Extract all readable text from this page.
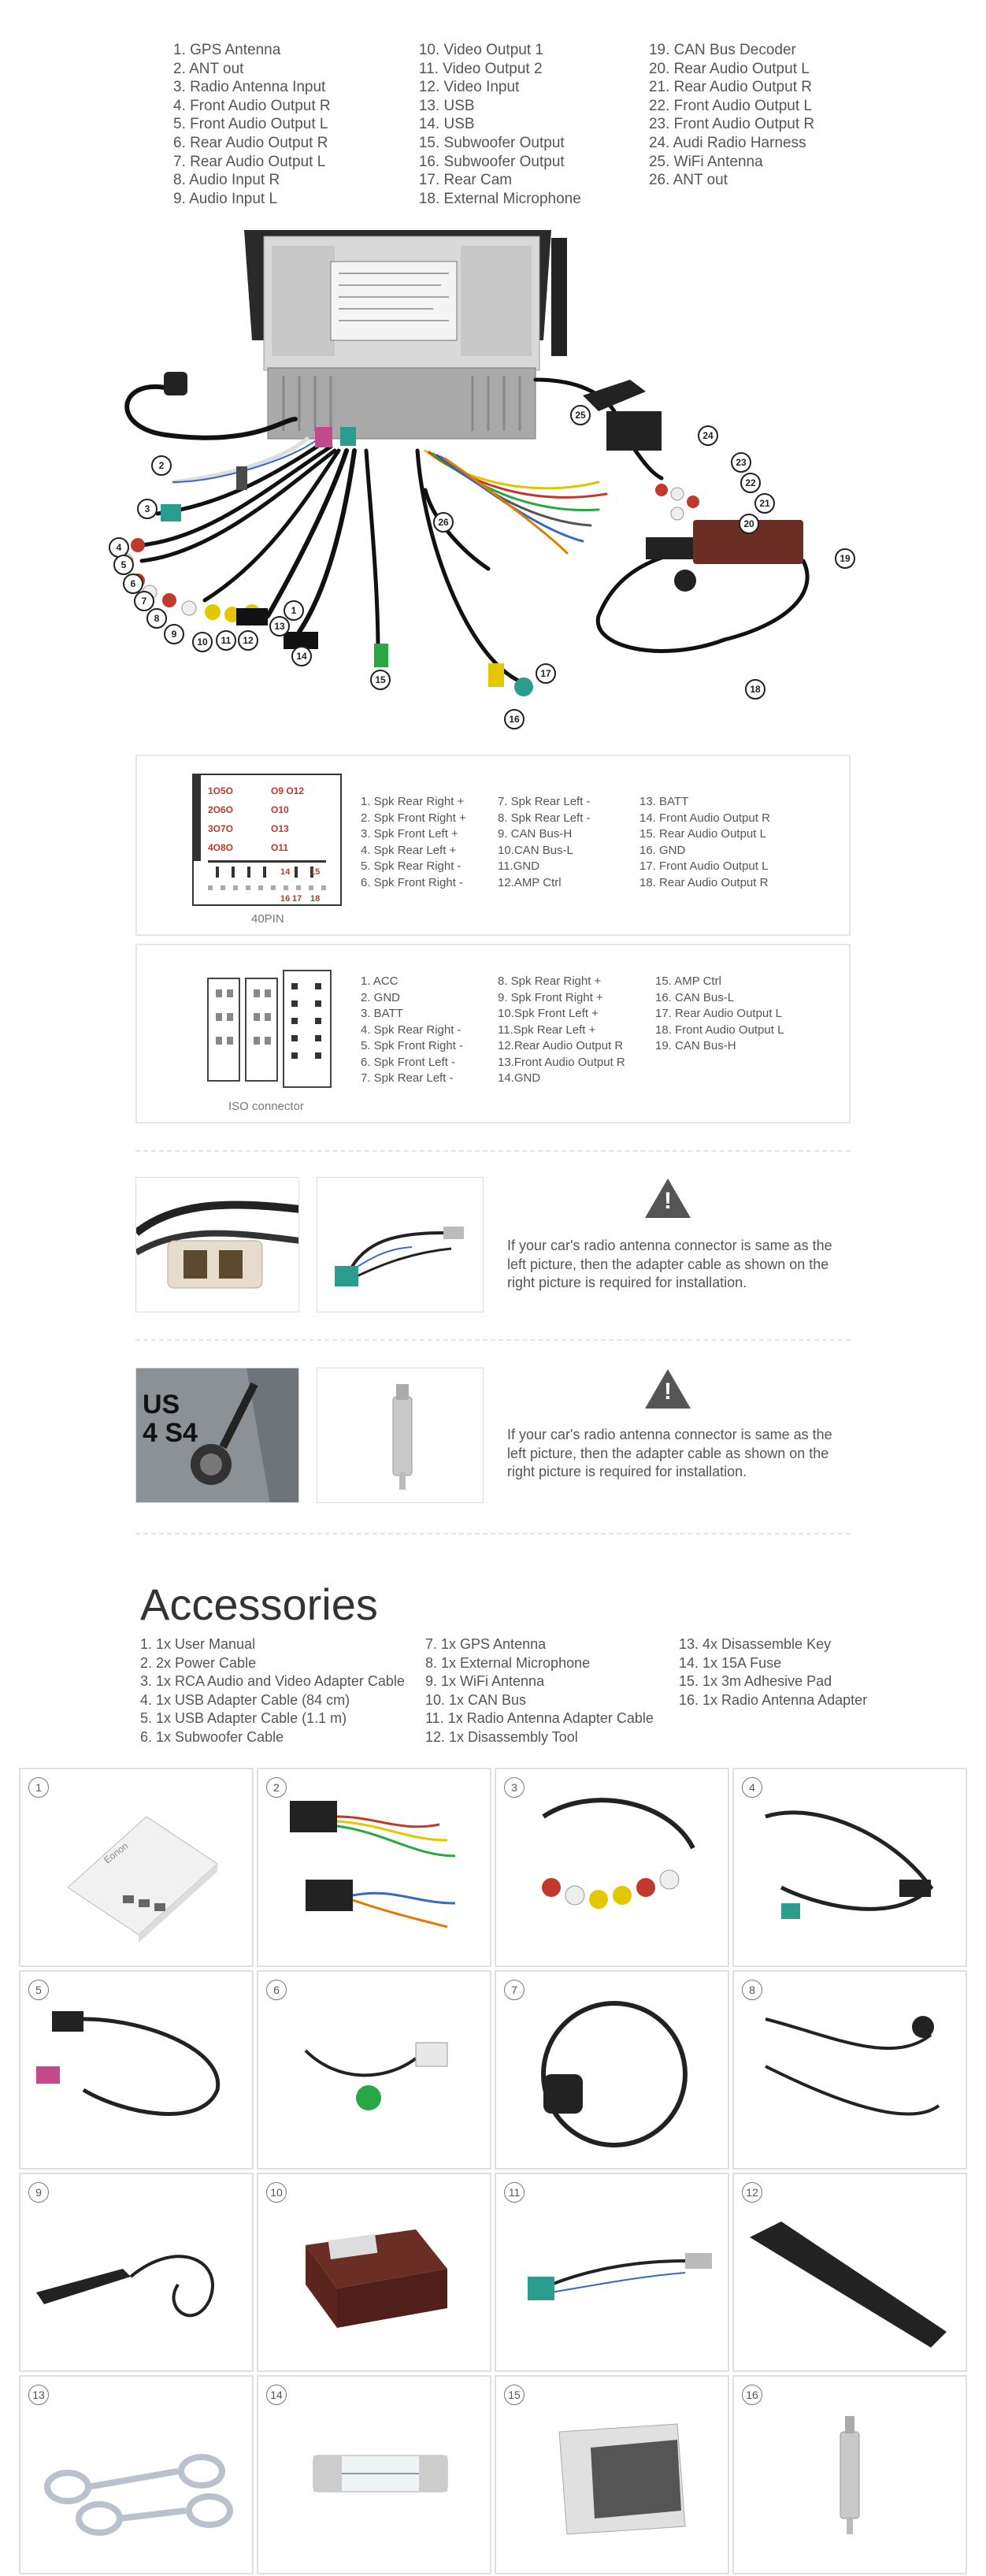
1. GPS Antenna
2. ANT out
3. Radio Antenna Input
4. Front Audio Output R
5. Front Audio Output L
6. Rear Audio Output R
7. Rear Audio Output L
8. Audio Input R
9. Audio Input L
10. Video Output 1
11. Video Output 2
12. Video Input
13. USB
14. USB
15. Subwoofer Output
16. Subwoofer Output
17. Rear Cam
18. External Microphone
19. CAN Bus Decoder
20. Rear Audio Output L
21. Rear Audio Output R
22. Front Audio Output L
23. Front Audio Output R
24. Audi Radio Harness
25. WiFi Antenna
26. ANT out
2
3
4
5
6
7
8
9
10	11	12
13
14
15
16
17
18
19
20
21
22
23
24
25
26
1
1O5O
2O6O
3O7O
4O8O
O9 O12
O10
O13
O11
14 15
16 17 18
40PIN
1. Spk Rear Right +
2. Spk Front Right +
3. Spk Front Left +
4. Spk Rear Left +
5. Spk Rear Right -
6. Spk Front Right -
7. Spk Rear Left -
8. Spk Rear Left -
9. CAN Bus-H
10.CAN Bus-L
11.GND
12.AMP Ctrl
13. BATT
14. Front Audio Output R
15. Rear Audio Output L
16. GND
17. Front Audio Output L
18. Rear Audio Output R
ISO connector
1. ACC
2. GND
3. BATT
4. Spk Rear Right -
5. Spk Front Right -
6. Spk Front Left -
7. Spk Rear Left -
8. Spk Rear Right +
9. Spk Front Right +
10.Spk Front Left +
11.Spk Rear Left +
12.Rear Audio Output R
13.Front Audio Output R
14.GND
15. AMP Ctrl
16. CAN Bus-L
17. Rear Audio Output L
18. Front Audio Output L
19. CAN Bus-H
!
If your car's radio antenna connector is same as the left picture, then the adapter cable as shown on the right picture is required for installation.
US
4 S4
!
If your car's radio antenna connector is same as the left picture, then the adapter cable as shown on the right picture is required for installation.
Accessories
1. 1x User Manual
2. 2x Power Cable
3. 1x RCA Audio and Video Adapter Cable
4. 1x USB Adapter Cable (84 cm)
5. 1x USB Adapter Cable (1.1 m)
6. 1x Subwoofer Cable
7. 1x GPS Antenna
8. 1x External Microphone
9. 1x WiFi Antenna
10. 1x CAN Bus
11. 1x Radio Antenna Adapter Cable
12. 1x Disassembly Tool
13. 4x Disassemble Key
14. 1x 15A Fuse
15. 1x 3m Adhesive Pad
16. 1x Radio Antenna Adapter
1
Eonon
2	3	4
5	6	7	8
9	10	11	12
13	14	15	16
